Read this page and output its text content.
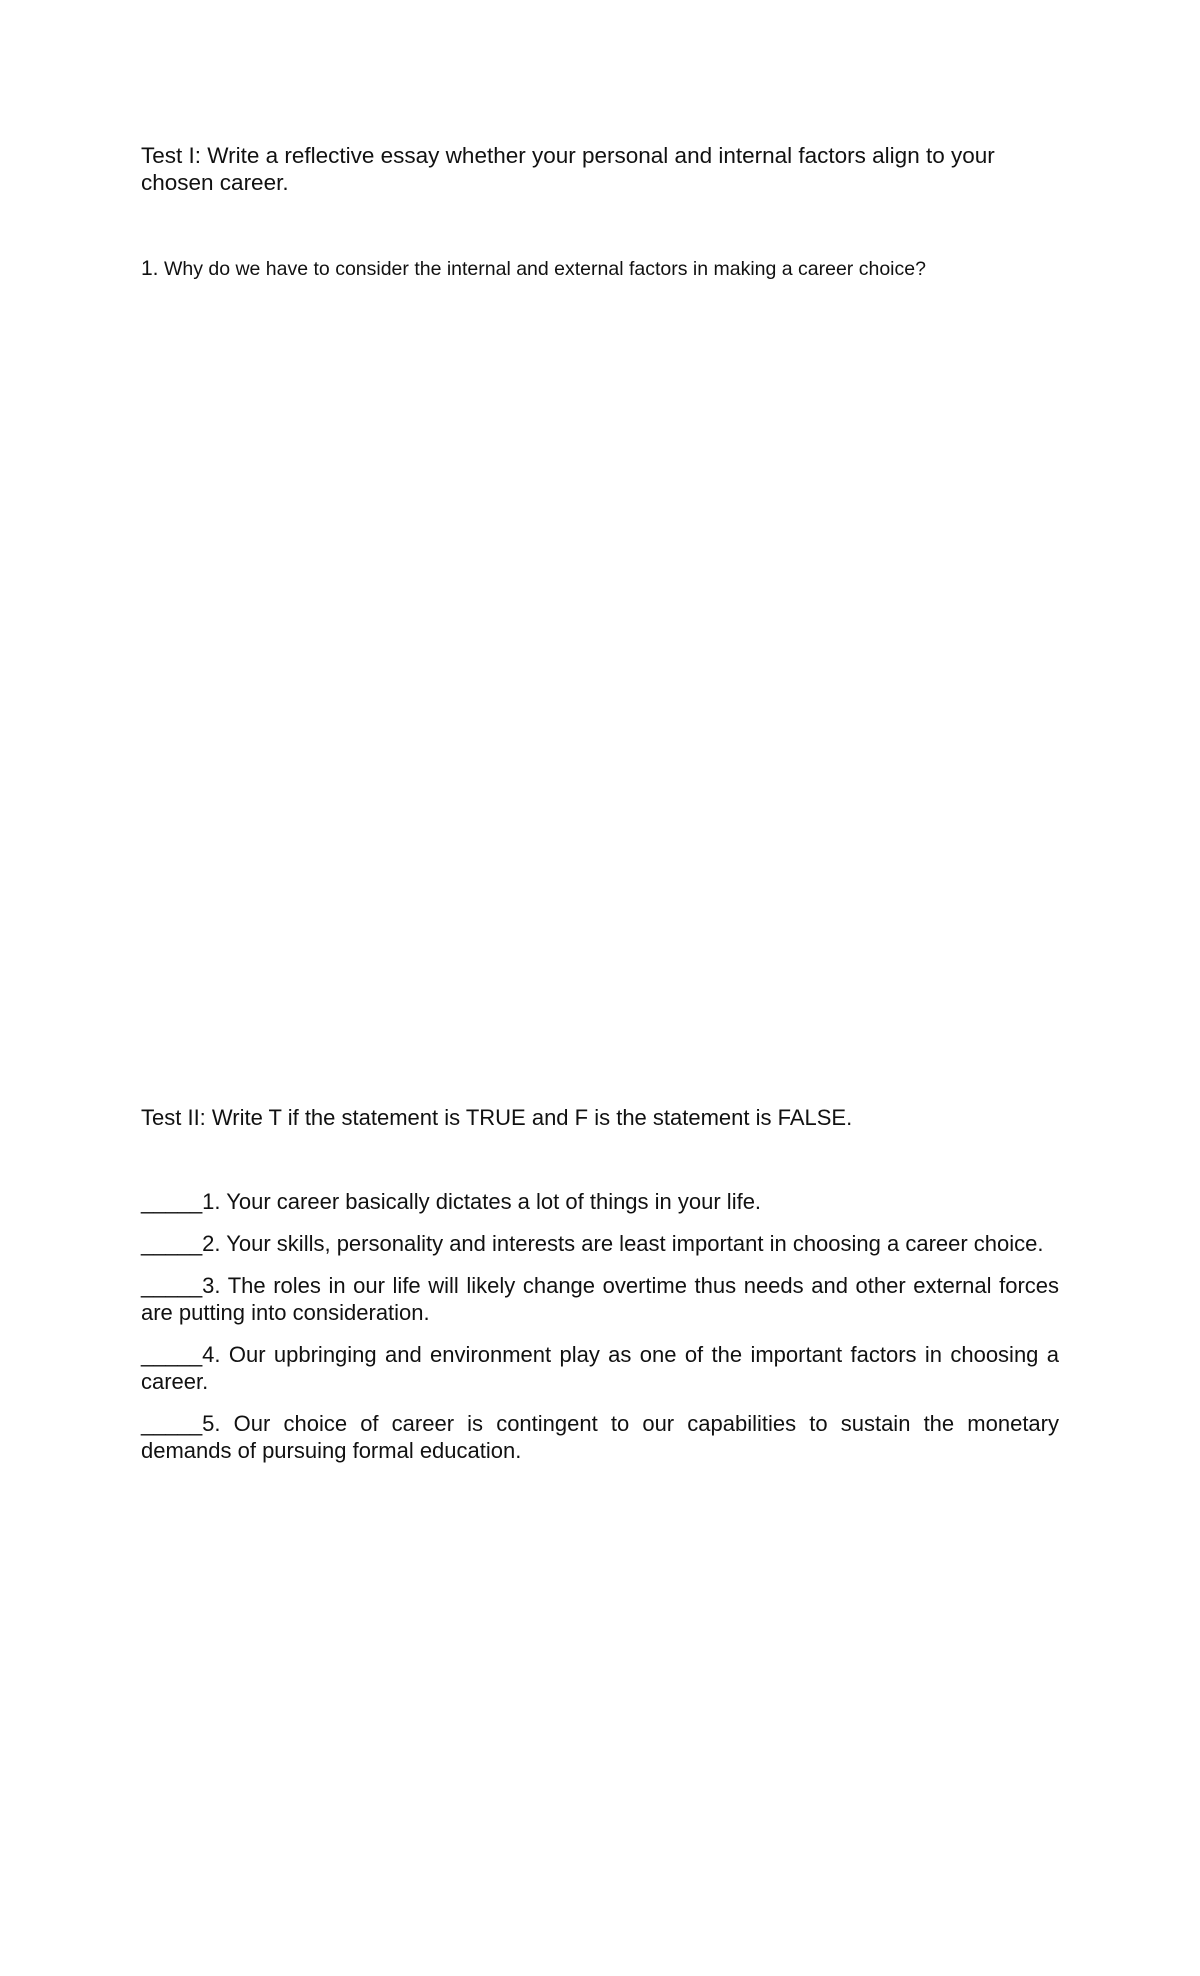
Test I: Write a reflective essay whether your personal and internal factors align to your chosen career.

1. Why do we have to consider the internal and external factors in making a career choice?

Test II: Write T if the statement is TRUE and F is the statement is FALSE.

_____1. Your career basically dictates a lot of things in your life.
_____2. Your skills, personality and interests are least important in choosing a career choice.
_____3. The roles in our life will likely change overtime thus needs and other external forces are putting into consideration.
_____4. Our upbringing and environment play as one of the important factors in choosing a career.
_____5. Our choice of career is contingent to our capabilities to sustain the monetary demands of pursuing formal education.
